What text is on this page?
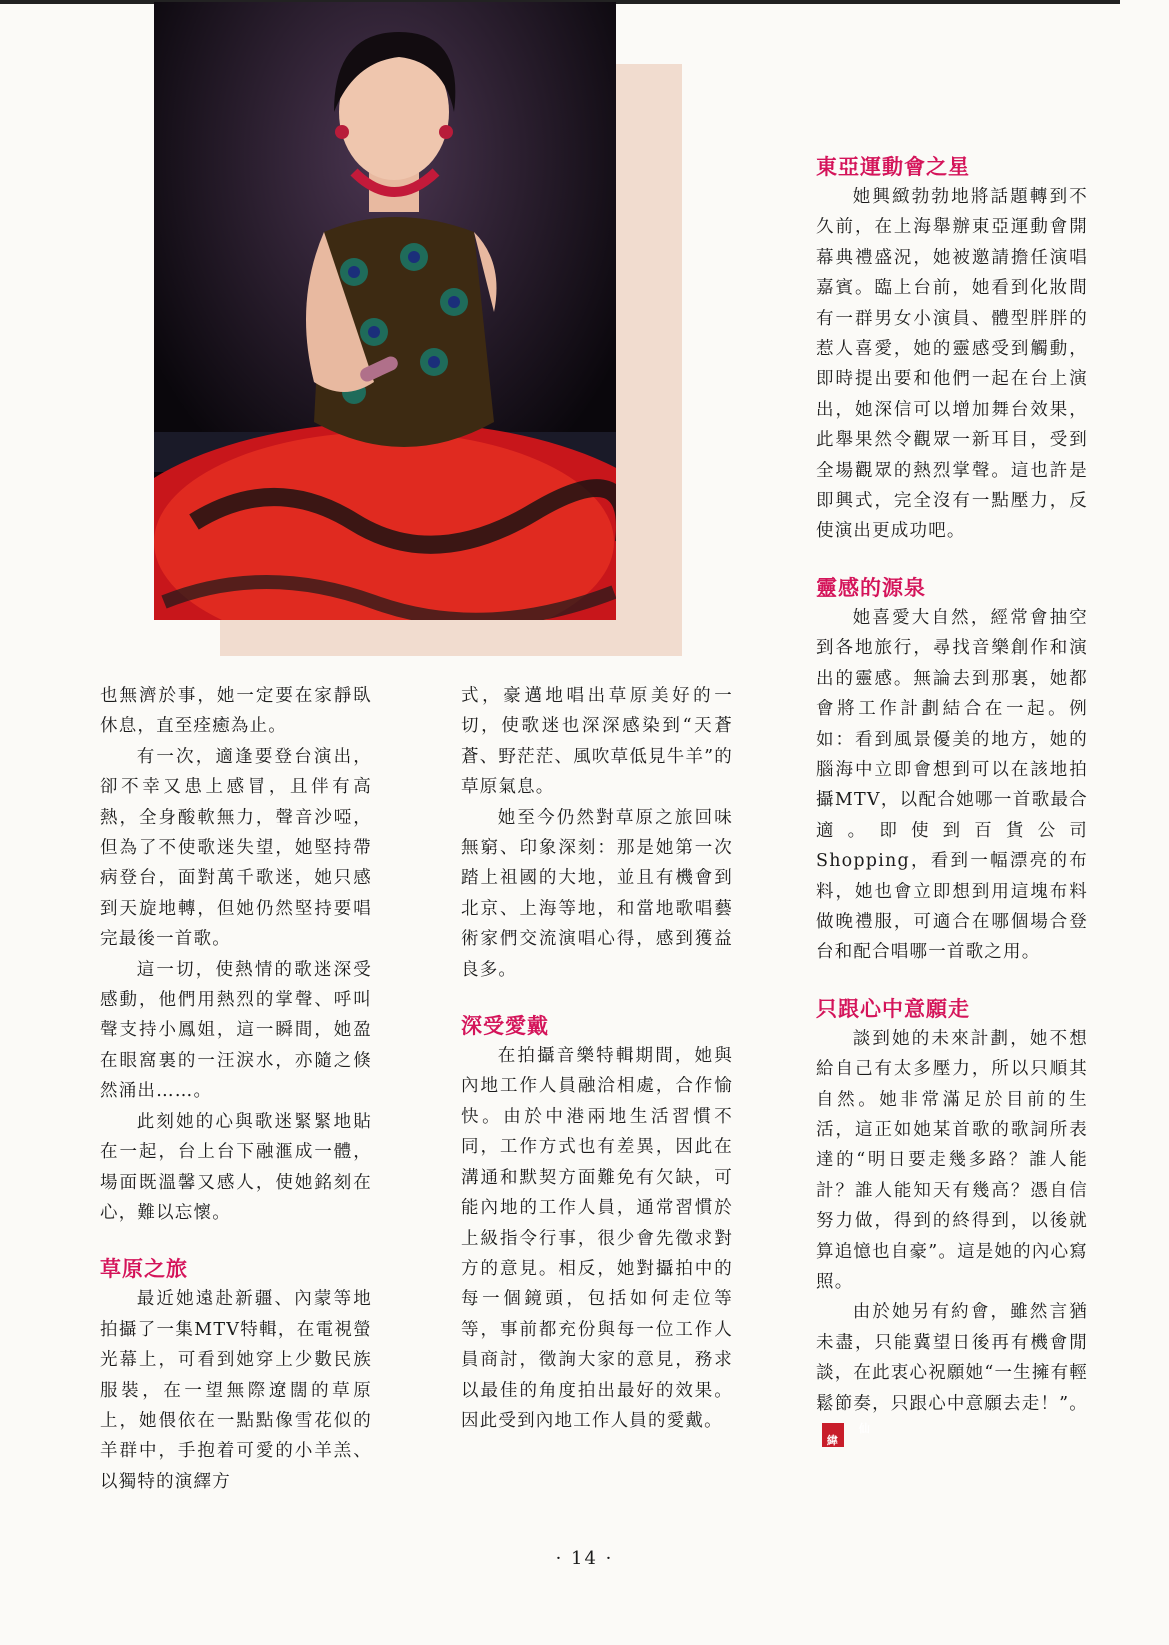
也無濟於事，她一定要在家靜臥休息，直至痊癒為止。

有一次，適逢要登台演出，卻不幸又患上感冒，且伴有高熱，全身酸軟無力，聲音沙啞，但為了不使歌迷失望，她堅持帶病登台，面對萬千歌迷，她只感到天旋地轉，但她仍然堅持要唱完最後一首歌。

這一切，使熱情的歌迷深受感動，他們用熱烈的掌聲、呼叫聲支持小鳳姐，這一瞬間，她盈在眼窩裏的一汪淚水，亦隨之倏然涌出……。

此刻她的心與歌迷緊緊地貼在一起，台上台下融滙成一體，場面既溫馨又感人，使她銘刻在心，難以忘懷。

草原之旅

最近她遠赴新疆、內蒙等地拍攝了一集MTV特輯，在電視螢光幕上，可看到她穿上少數民族服裝，在一望無際遼闊的草原上，她偎依在一點點像雪花似的羊群中，手抱着可愛的小羊羔、以獨特的演繹方

式，豪邁地唱出草原美好的一切，使歌迷也深深感染到“天蒼蒼、野茫茫、風吹草低見牛羊”的草原氣息。

她至今仍然對草原之旅回味無窮、印象深刻：那是她第一次踏上祖國的大地，並且有機會到北京、上海等地，和當地歌唱藝術家們交流演唱心得，感到獲益良多。

深受愛戴

在拍攝音樂特輯期間，她與內地工作人員融洽相處，合作愉快。由於中港兩地生活習慣不同，工作方式也有差異，因此在溝通和默契方面難免有欠缺，可能內地的工作人員，通常習慣於上級指令行事，很少會先徵求對方的意見。相反，她對攝拍中的每一個鏡頭，包括如何走位等等，事前都充份與每一位工作人員商討，徵詢大家的意見，務求以最佳的角度拍出最好的效果。因此受到內地工作人員的愛戴。

東亞運動會之星

她興緻勃勃地將話題轉到不久前，在上海舉辦東亞運動會開幕典禮盛況，她被邀請擔任演唱嘉賓。臨上台前，她看到化妝間有一群男女小演員、體型胖胖的惹人喜愛，她的靈感受到觸動，即時提出要和他們一起在台上演出，她深信可以增加舞台效果，此舉果然令觀眾一新耳目，受到全場觀眾的熱烈掌聲。這也許是即興式，完全沒有一點壓力，反使演出更成功吧。

靈感的源泉

她喜愛大自然，經常會抽空到各地旅行，尋找音樂創作和演出的靈感。無論去到那裏，她都會將工作計劃結合在一起。例如：看到風景優美的地方，她的腦海中立即會想到可以在該地拍攝MTV，以配合她哪一首歌最合適。即使到百貨公司Shopping，看到一幅漂亮的布料，她也會立即想到用這塊布料做晚禮服，可適合在哪個場合登台和配合唱哪一首歌之用。

只跟心中意願走

談到她的未來計劃，她不想給自己有太多壓力，所以只順其自然。她非常滿足於目前的生活，這正如她某首歌的歌詞所表達的“明日要走幾多路？誰人能計？誰人能知天有幾高？憑自信努力做，得到的終得到，以後就算追憶也自豪”。這是她的內心寫照。

由於她另有約會，雖然言猶未盡，只能冀望日後再有機會閒談，在此衷心祝願她“一生擁有輕鬆節奏，只跟心中意願去走！”。仙緯

· 14 ·
